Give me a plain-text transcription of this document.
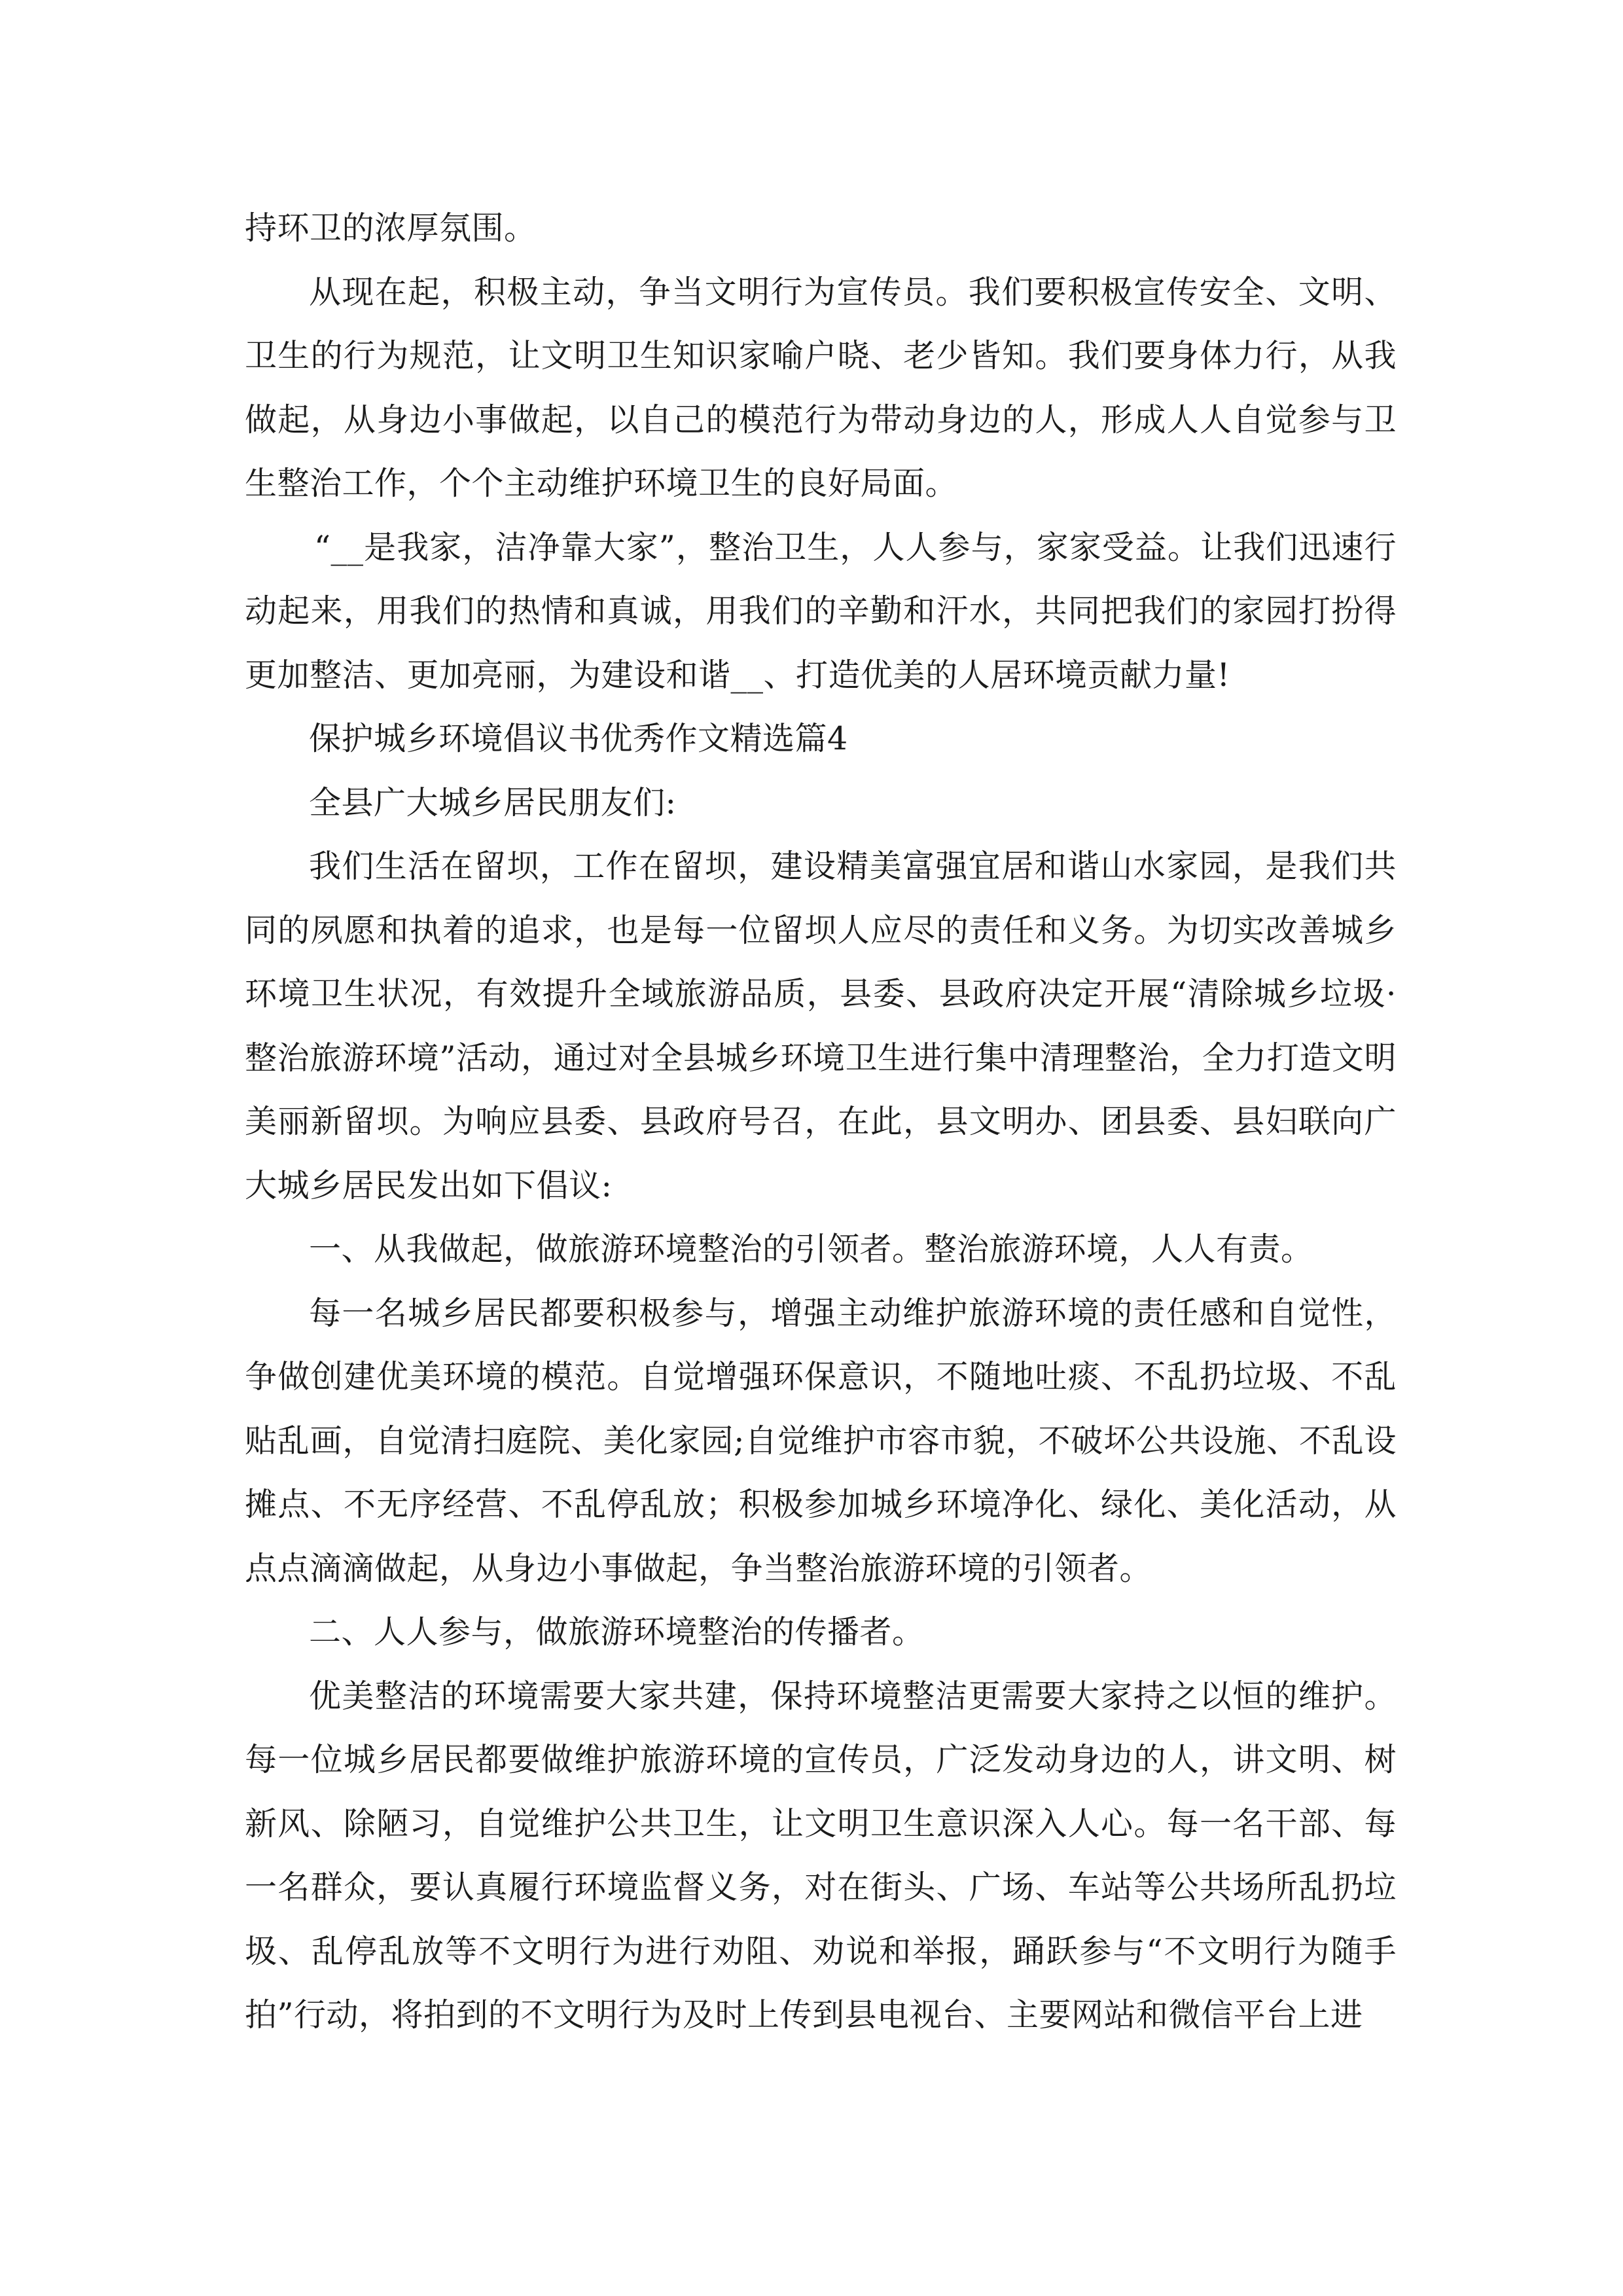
持环卫的浓厚氛围。

从现在起，积极主动，争当文明行为宣传员。我们要积极宣传安全、文明、卫生的行为规范，让文明卫生知识家喻户晓、老少皆知。我们要身体力行，从我做起，从身边小事做起，以自己的模范行为带动身边的人，形成人人自觉参与卫生整治工作，个个主动维护环境卫生的良好局面。

“__是我家，洁净靠大家”，整治卫生，人人参与，家家受益。让我们迅速行动起来，用我们的热情和真诚，用我们的辛勤和汗水，共同把我们的家园打扮得更加整洁、更加亮丽，为建设和谐__、打造优美的人居环境贡献力量!

保护城乡环境倡议书优秀作文精选篇4

全县广大城乡居民朋友们:

我们生活在留坝，工作在留坝，建设精美富强宜居和谐山水家园，是我们共同的夙愿和执着的追求，也是每一位留坝人应尽的责任和义务。为切实改善城乡环境卫生状况，有效提升全域旅游品质，县委、县政府决定开展“清除城乡垃圾·整治旅游环境”活动，通过对全县城乡环境卫生进行集中清理整治，全力打造文明美丽新留坝。为响应县委、县政府号召，在此，县文明办、团县委、县妇联向广大城乡居民发出如下倡议:

一、从我做起，做旅游环境整治的引领者。整治旅游环境，人人有责。

每一名城乡居民都要积极参与，增强主动维护旅游环境的责任感和自觉性，争做创建优美环境的模范。自觉增强环保意识，不随地吐痰、不乱扔垃圾、不乱贴乱画，自觉清扫庭院、美化家园;自觉维护市容市貌，不破坏公共设施、不乱设摊点、不无序经营、不乱停乱放；积极参加城乡环境净化、绿化、美化活动，从点点滴滴做起，从身边小事做起，争当整治旅游环境的引领者。

二、人人参与，做旅游环境整治的传播者。

优美整洁的环境需要大家共建，保持环境整洁更需要大家持之以恒的维护。每一位城乡居民都要做维护旅游环境的宣传员，广泛发动身边的人，讲文明、树新风、除陋习，自觉维护公共卫生，让文明卫生意识深入人心。每一名干部、每一名群众，要认真履行环境监督义务，对在街头、广场、车站等公共场所乱扔垃圾、乱停乱放等不文明行为进行劝阻、劝说和举报，踊跃参与“不文明行为随手拍”行动，将拍到的不文明行为及时上传到县电视台、主要网站和微信平台上进
